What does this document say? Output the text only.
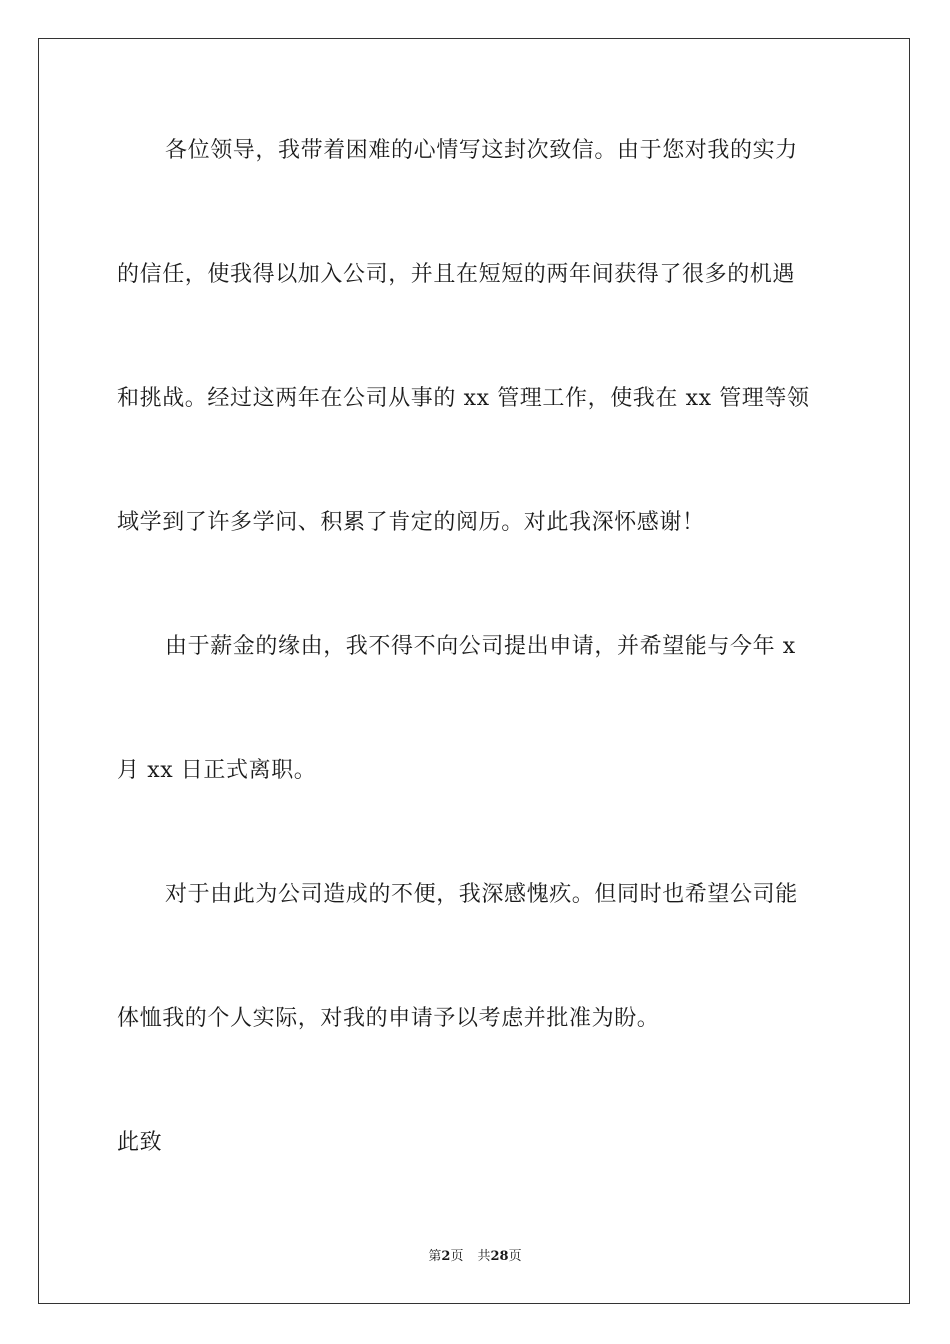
各位领导，我带着困难的心情写这封次致信。由于您对我的实力
的信任，使我得以加入公司，并且在短短的两年间获得了很多的机遇
和挑战。经过这两年在公司从事的 xx 管理工作，使我在 xx 管理等领
域学到了许多学问、积累了肯定的阅历。对此我深怀感谢！
由于薪金的缘由，我不得不向公司提出申请，并希望能与今年 x
月 xx 日正式离职。
对于由此为公司造成的不便，我深感愧疚。但同时也希望公司能
体恤我的个人实际，对我的申请予以考虑并批准为盼。
此致
第2页 共28页
